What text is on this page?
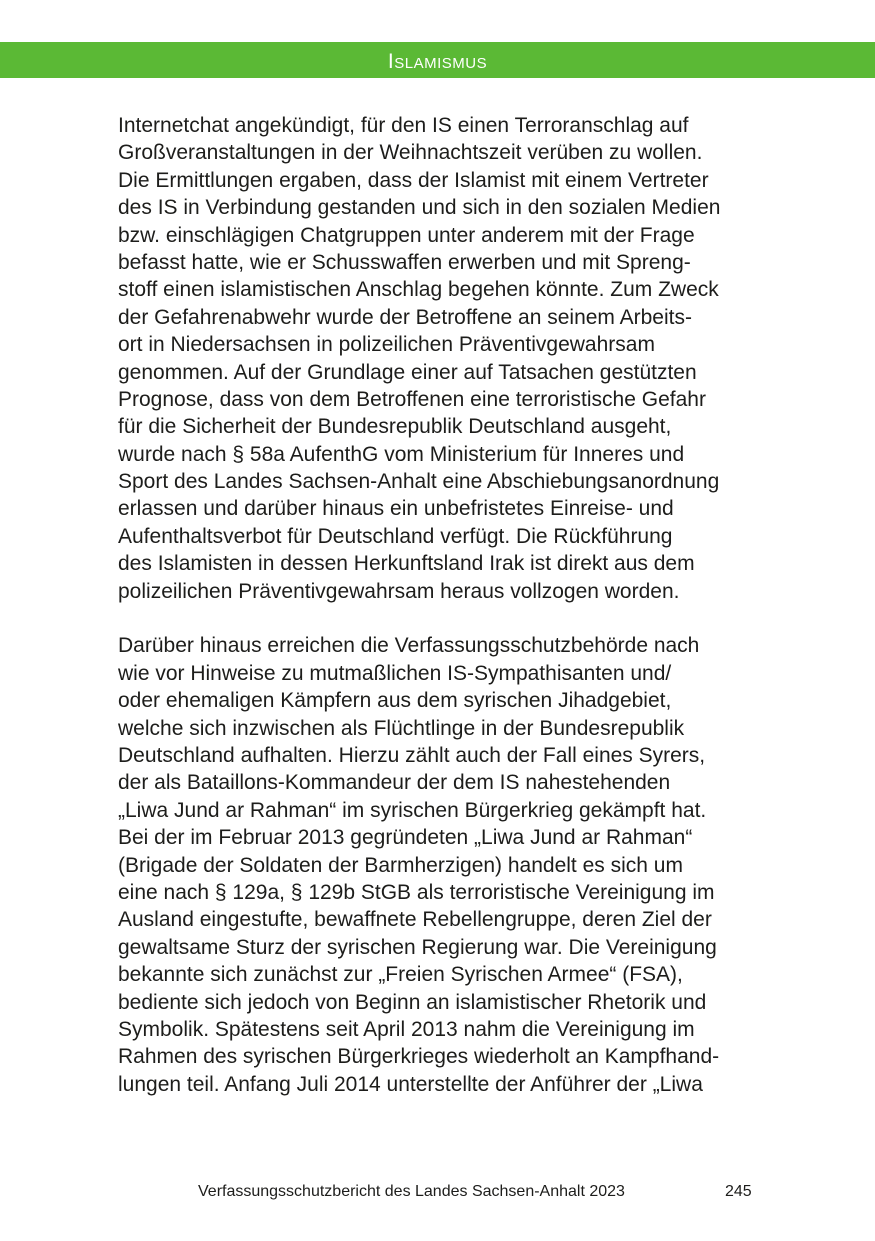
Islamismus
Internetchat angekündigt, für den IS einen Terroranschlag auf
Großveranstaltungen in der Weihnachtszeit verüben zu wollen.
Die Ermittlungen ergaben, dass der Islamist mit einem Vertreter
des IS in Verbindung gestanden und sich in den sozialen Medien
bzw. einschlägigen Chatgruppen unter anderem mit der Frage
befasst hatte, wie er Schusswaffen erwerben und mit Spreng-
stoff einen islamistischen Anschlag begehen könnte. Zum Zweck
der Gefahrenabwehr wurde der Betroffene an seinem Arbeits-
ort in Niedersachsen in polizeilichen Präventivgewahrsam
genommen. Auf der Grundlage einer auf Tatsachen gestützten
Prognose, dass von dem Betroffenen eine terroristische Gefahr
für die Sicherheit der Bundesrepublik Deutschland ausgeht,
wurde nach § 58a AufenthG vom Ministerium für Inneres und
Sport des Landes Sachsen-Anhalt eine Abschiebungsanordnung
erlassen und darüber hinaus ein unbefristetes Einreise- und
Aufenthaltsverbot für Deutschland verfügt. Die Rückführung
des Islamisten in dessen Herkunftsland Irak ist direkt aus dem
polizeilichen Präventivgewahrsam heraus vollzogen worden.
Darüber hinaus erreichen die Verfassungsschutzbehörde nach
wie vor Hinweise zu mutmaßlichen IS-Sympathisanten und/
oder ehemaligen Kämpfern aus dem syrischen Jihadgebiet,
welche sich inzwischen als Flüchtlinge in der Bundesrepublik
Deutschland aufhalten. Hierzu zählt auch der Fall eines Syrers,
der als Bataillons-Kommandeur der dem IS nahestehenden
„Liwa Jund ar Rahman“ im syrischen Bürgerkrieg gekämpft hat.
Bei der im Februar 2013 gegründeten „Liwa Jund ar Rahman“
(Brigade der Soldaten der Barmherzigen) handelt es sich um
eine nach § 129a, § 129b StGB als terroristische Vereinigung im
Ausland eingestufte, bewaffnete Rebellengruppe, deren Ziel der
gewaltsame Sturz der syrischen Regierung war. Die Vereinigung
bekannte sich zunächst zur „Freien Syrischen Armee“ (FSA),
bediente sich jedoch von Beginn an islamistischer Rhetorik und
Symbolik. Spätestens seit April 2013 nahm die Vereinigung im
Rahmen des syrischen Bürgerkrieges wiederholt an Kampfhand-
lungen teil. Anfang Juli 2014 unterstellte der Anführer der „Liwa
Verfassungsschutzbericht des Landes Sachsen-Anhalt 2023	245
